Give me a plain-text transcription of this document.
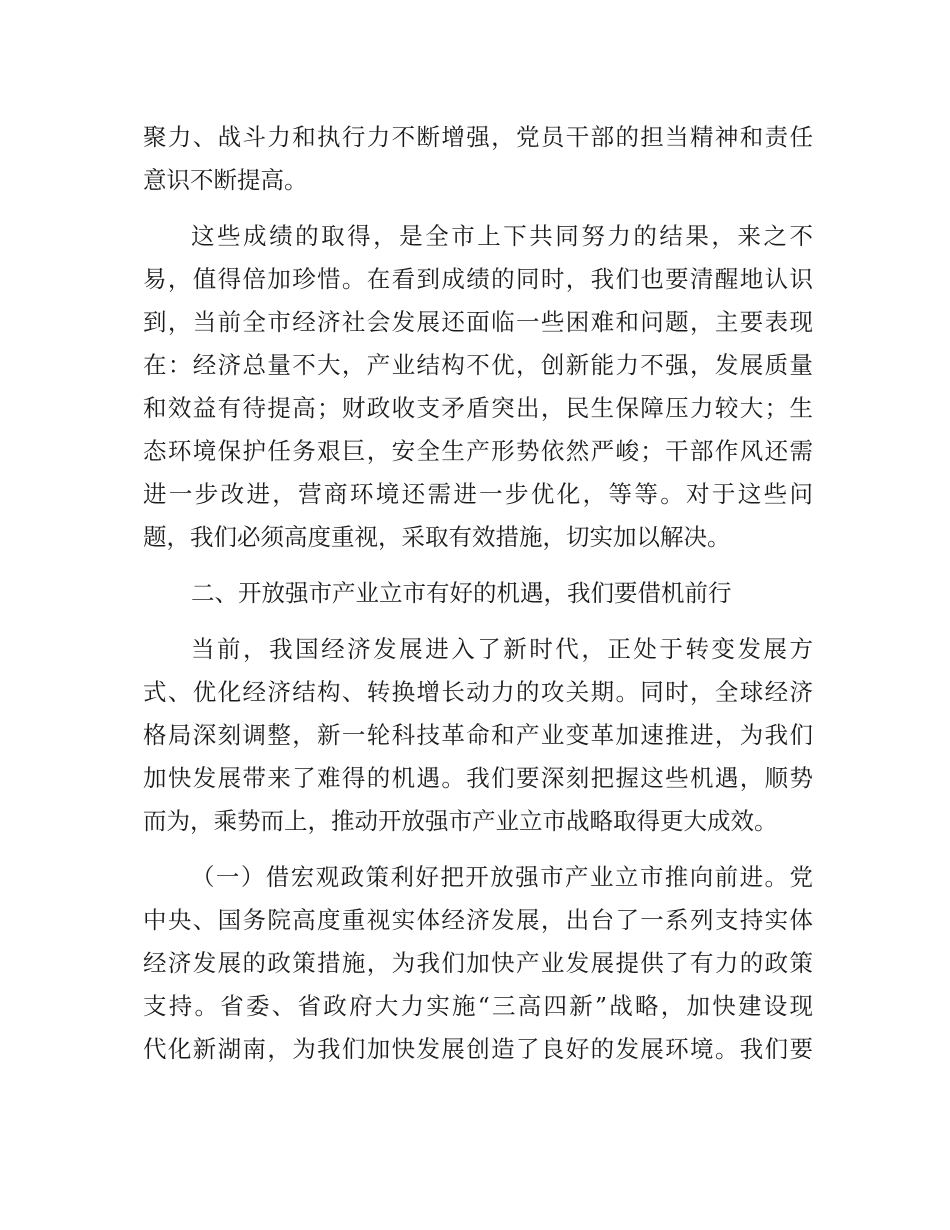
聚力、战斗力和执行力不断增强，党员干部的担当精神和责任
意识不断提高。

这些成绩的取得，是全市上下共同努力的结果，来之不
易，值得倍加珍惜。在看到成绩的同时，我们也要清醒地认识
到，当前全市经济社会发展还面临一些困难和问题，主要表现
在：经济总量不大，产业结构不优，创新能力不强，发展质量
和效益有待提高；财政收支矛盾突出，民生保障压力较大；生
态环境保护任务艰巨，安全生产形势依然严峻；干部作风还需
进一步改进，营商环境还需进一步优化，等等。对于这些问
题，我们必须高度重视，采取有效措施，切实加以解决。

二、开放强市产业立市有好的机遇，我们要借机前行

当前，我国经济发展进入了新时代，正处于转变发展方
式、优化经济结构、转换增长动力的攻关期。同时，全球经济
格局深刻调整，新一轮科技革命和产业变革加速推进，为我们
加快发展带来了难得的机遇。我们要深刻把握这些机遇，顺势
而为，乘势而上，推动开放强市产业立市战略取得更大成效。

（一）借宏观政策利好把开放强市产业立市推向前进。党
中央、国务院高度重视实体经济发展，出台了一系列支持实体
经济发展的政策措施，为我们加快产业发展提供了有力的政策
支持。省委、省政府大力实施“三高四新”战略，加快建设现
代化新湖南，为我们加快发展创造了良好的发展环境。我们要
